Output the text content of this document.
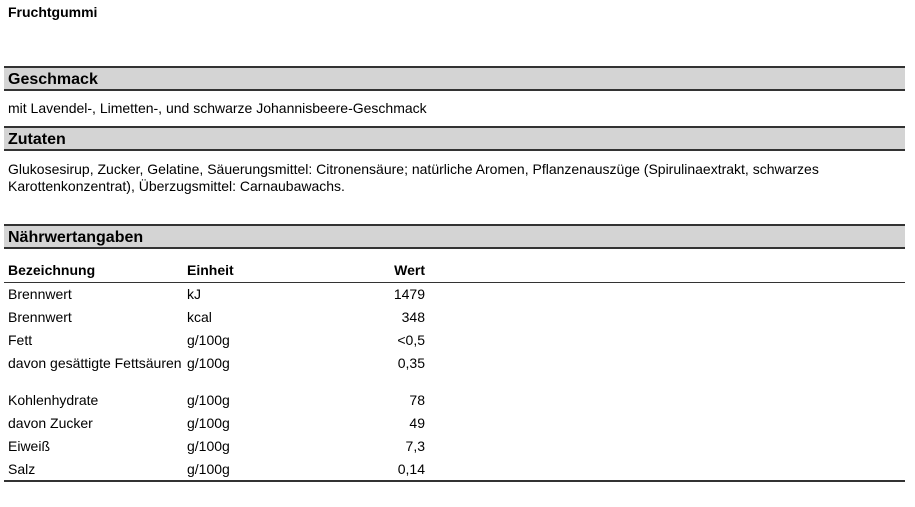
Fruchtgummi
Geschmack
mit Lavendel-, Limetten-, und schwarze Johannisbeere-Geschmack
Zutaten
Glukosesirup, Zucker, Gelatine, Säuerungsmittel: Citronensäure; natürliche Aromen, Pflanzenauszüge (Spirulinaextrakt, schwarzes Karottenkonzentrat), Überzugsmittel: Carnaubawachs.
Nährwertangaben
Bezeichnung	Einheit	Wert	
Brennwert	kJ	1479	
Brennwert	kcal	348	
Fett	g/100g	<0,5	
davon gesättigte Fettsäuren	g/100g	0,35	
Kohlenhydrate	g/100g	78	
davon Zucker	g/100g	49	
Eiweiß	g/100g	7,3	
Salz	g/100g	0,14	
